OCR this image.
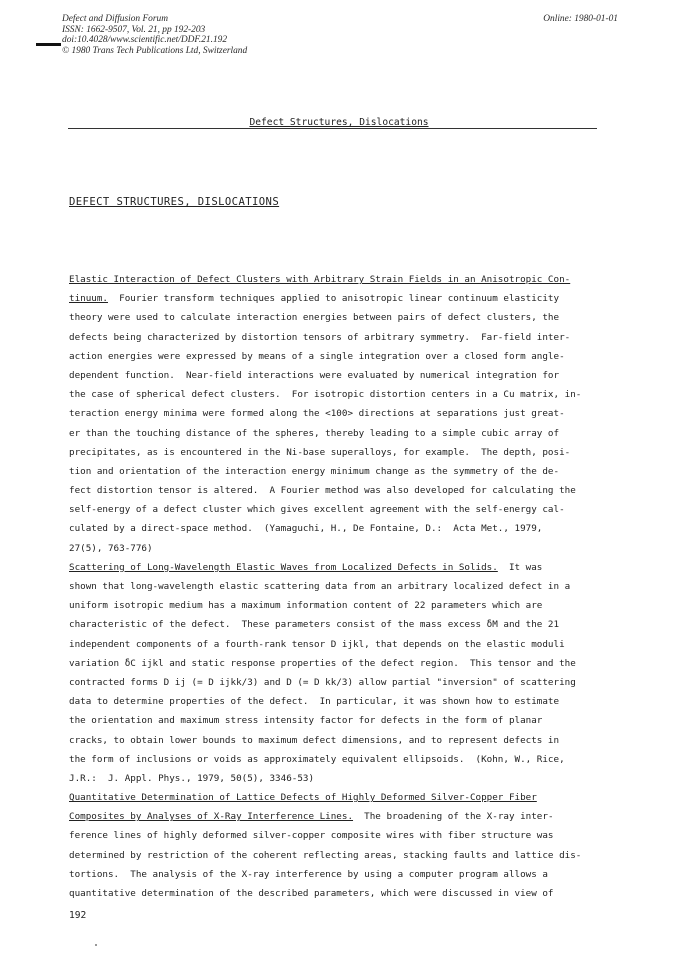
Defect and Diffusion Forum
ISSN: 1662-9507, Vol. 21, pp 192-203
doi:10.4028/www.scientific.net/DDF.21.192
© 1980 Trans Tech Publications Ltd, Switzerland
Online: 1980-01-01
Defect Structures, Dislocations
DEFECT STRUCTURES, DISLOCATIONS
Elastic Interaction of Defect Clusters with Arbitrary Strain Fields in an Anisotropic Con-
tinuum.  Fourier transform techniques applied to anisotropic linear continuum elasticity
theory were used to calculate interaction energies between pairs of defect clusters, the
defects being characterized by distortion tensors of arbitrary symmetry.  Far-field inter-
action energies were expressed by means of a single integration over a closed form angle-
dependent function.  Near-field interactions were evaluated by numerical integration for
the case of spherical defect clusters.  For isotropic distortion centers in a Cu matrix, in-
teraction energy minima were formed along the <100> directions at separations just great-
er than the touching distance of the spheres, thereby leading to a simple cubic array of
precipitates, as is encountered in the Ni-base superalloys, for example.  The depth, posi-
tion and orientation of the interaction energy minimum change as the symmetry of the de-
fect distortion tensor is altered.  A Fourier method was also developed for calculating the
self-energy of a defect cluster which gives excellent agreement with the self-energy cal-
culated by a direct-space method.  (Yamaguchi, H., De Fontaine, D.:  Acta Met., 1979,
27(5), 763-776)
Scattering of Long-Wavelength Elastic Waves from Localized Defects in Solids.  It was
shown that long-wavelength elastic scattering data from an arbitrary localized defect in a
uniform isotropic medium has a maximum information content of 22 parameters which are
characteristic of the defect.  These parameters consist of the mass excess δM and the 21
independent components of a fourth-rank tensor D ijkl, that depends on the elastic moduli
variation δC ijkl and static response properties of the defect region.  This tensor and the
contracted forms D ij (= D ijkk/3) and D (= D kk/3) allow partial "inversion" of scattering
data to determine properties of the defect.  In particular, it was shown how to estimate
the orientation and maximum stress intensity factor for defects in the form of planar
cracks, to obtain lower bounds to maximum defect dimensions, and to represent defects in
the form of inclusions or voids as approximately equivalent ellipsoids.  (Kohn, W., Rice,
J.R.:  J. Appl. Phys., 1979, 50(5), 3346-53)
Quantitative Determination of Lattice Defects of Highly Deformed Silver-Copper Fiber
Composites by Analyses of X-Ray Interference Lines.  The broadening of the X-ray inter-
ference lines of highly deformed silver-copper composite wires with fiber structure was
determined by restriction of the coherent reflecting areas, stacking faults and lattice dis-
tortions.  The analysis of the X-ray interference by using a computer program allows a
quantitative determination of the described parameters, which were discussed in view of
192
